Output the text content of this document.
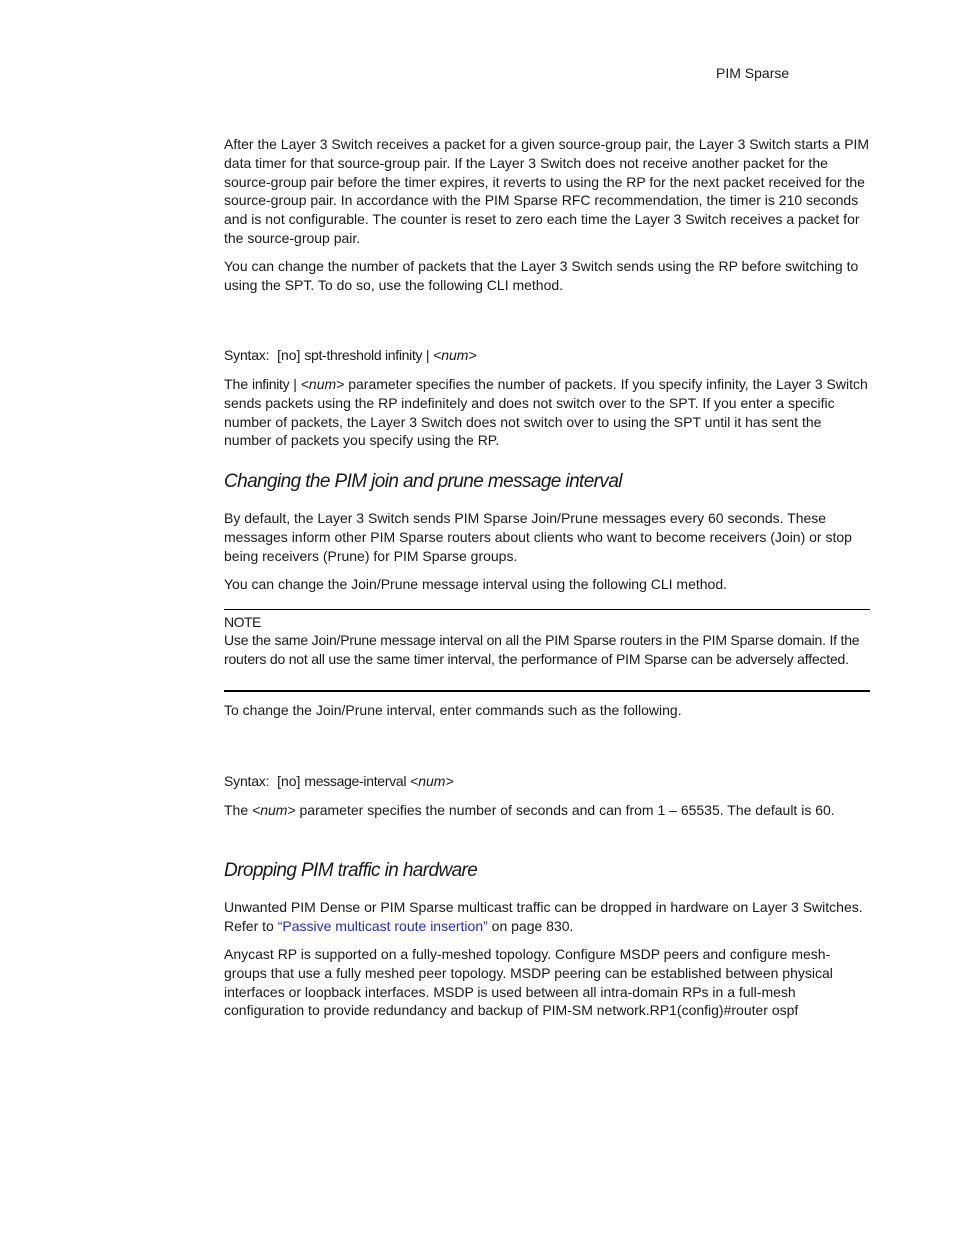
PIM Sparse

After the Layer 3 Switch receives a packet for a given source-group pair, the Layer 3 Switch starts a PIM data timer for that source-group pair. If the Layer 3 Switch does not receive another packet for the source-group pair before the timer expires, it reverts to using the RP for the next packet received for the source-group pair. In accordance with the PIM Sparse RFC recommendation, the timer is 210 seconds and is not configurable. The counter is reset to zero each time the Layer 3 Switch receives a packet for the source-group pair.

You can change the number of packets that the Layer 3 Switch sends using the RP before switching to using the SPT. To do so, use the following CLI method.

Syntax: [no] spt-threshold infinity | <num>

The infinity | <num> parameter specifies the number of packets. If you specify infinity, the Layer 3 Switch sends packets using the RP indefinitely and does not switch over to the SPT. If you enter a specific number of packets, the Layer 3 Switch does not switch over to using the SPT until it has sent the number of packets you specify using the RP.

Changing the PIM join and prune message interval

By default, the Layer 3 Switch sends PIM Sparse Join/Prune messages every 60 seconds. These messages inform other PIM Sparse routers about clients who want to become receivers (Join) or stop being receivers (Prune) for PIM Sparse groups.

You can change the Join/Prune message interval using the following CLI method.

NOTE

Use the same Join/Prune message interval on all the PIM Sparse routers in the PIM Sparse domain. If the routers do not all use the same timer interval, the performance of PIM Sparse can be adversely affected.

To change the Join/Prune interval, enter commands such as the following.

Syntax: [no] message-interval <num>

The <num> parameter specifies the number of seconds and can from 1 – 65535. The default is 60.

Dropping PIM traffic in hardware

Unwanted PIM Dense or PIM Sparse multicast traffic can be dropped in hardware on Layer 3 Switches. Refer to “Passive multicast route insertion” on page 830.

Anycast RP is supported on a fully-meshed topology. Configure MSDP peers and configure mesh-groups that use a fully meshed peer topology. MSDP peering can be established between physical interfaces or loopback interfaces. MSDP is used between all intra-domain RPs in a full-mesh configuration to provide redundancy and backup of PIM-SM network.RP1(config)#router ospf
